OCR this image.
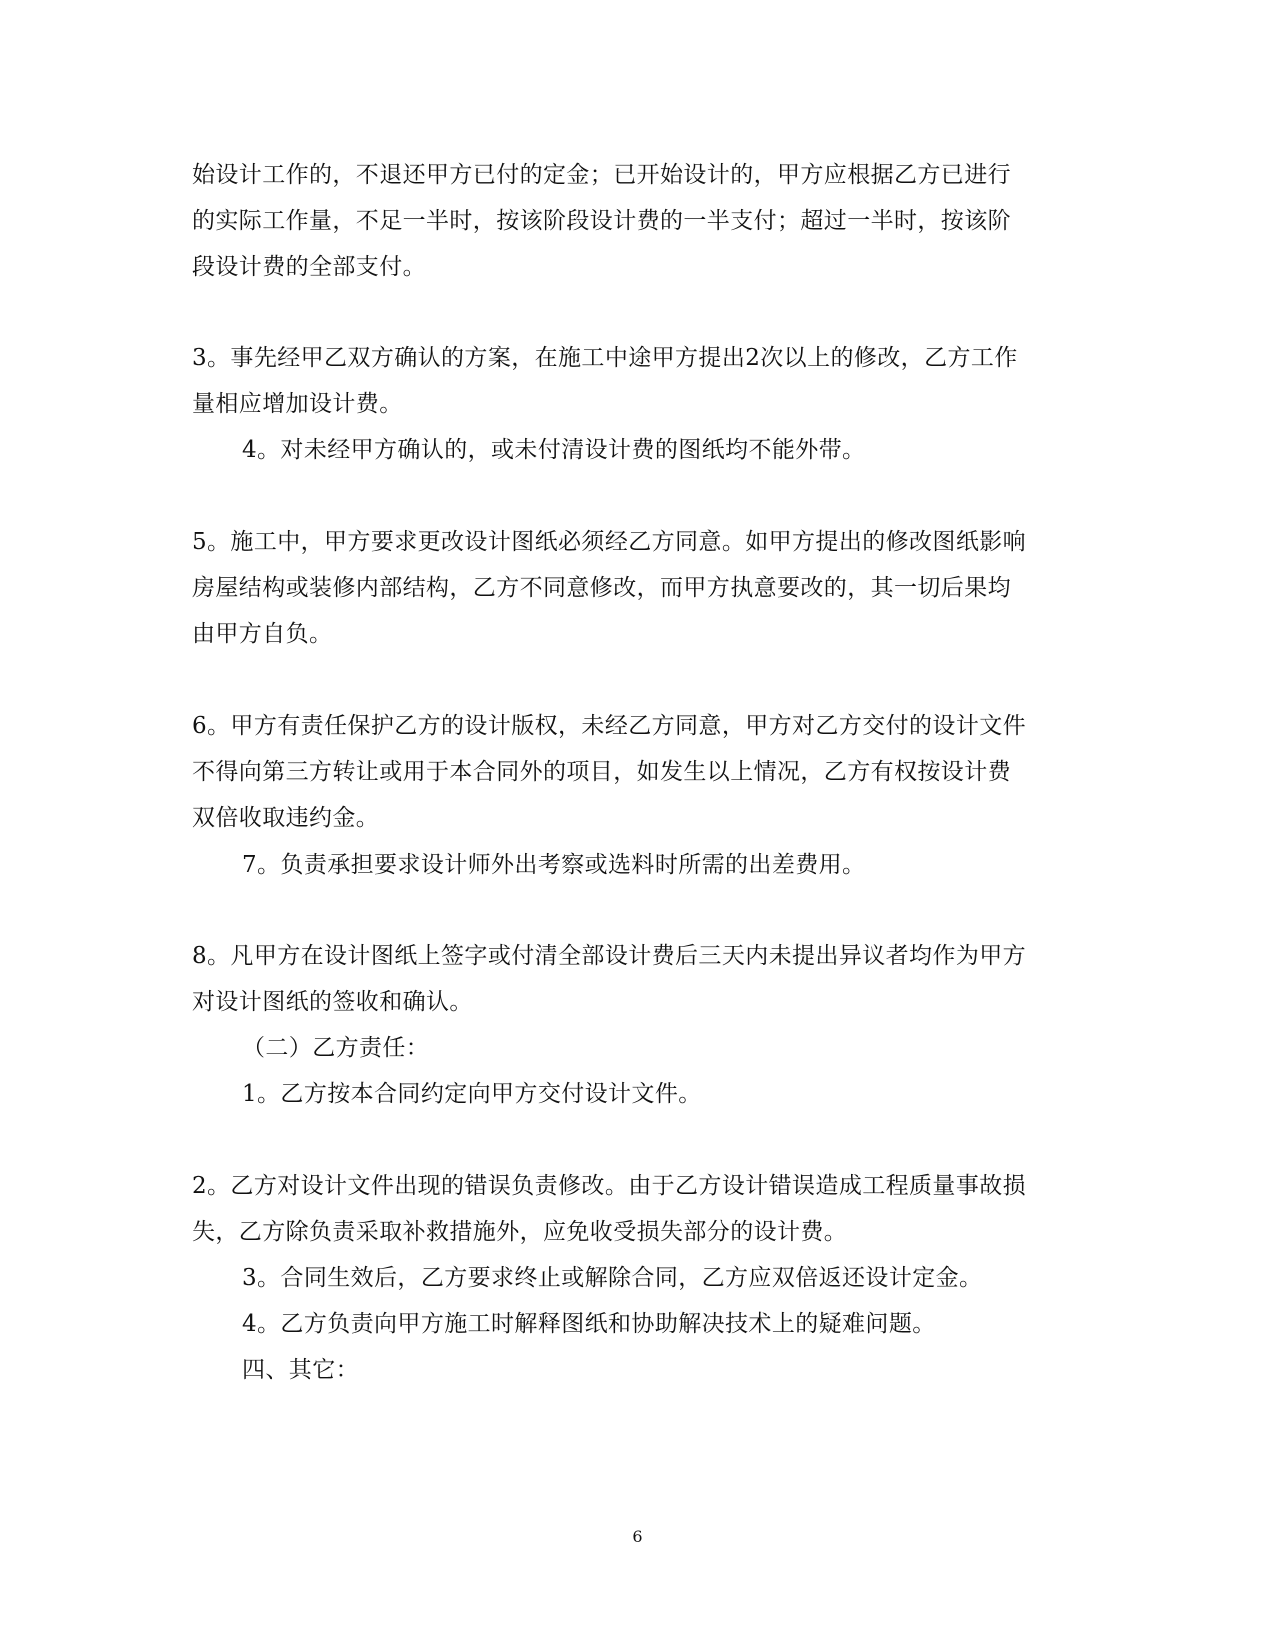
始设计工作的，不退还甲方已付的定金；已开始设计的，甲方应根据乙方已进行
的实际工作量，不足一半时，按该阶段设计费的一半支付；超过一半时，按该阶
段设计费的全部支付。
3。事先经甲乙双方确认的方案，在施工中途甲方提出2次以上的修改，乙方工作
量相应增加设计费。
4。对未经甲方确认的，或未付清设计费的图纸均不能外带。
5。施工中，甲方要求更改设计图纸必须经乙方同意。如甲方提出的修改图纸影响
房屋结构或装修内部结构，乙方不同意修改，而甲方执意要改的，其一切后果均
由甲方自负。
6。甲方有责任保护乙方的设计版权，未经乙方同意，甲方对乙方交付的设计文件
不得向第三方转让或用于本合同外的项目，如发生以上情况，乙方有权按设计费
双倍收取违约金。
7。负责承担要求设计师外出考察或选料时所需的出差费用。
8。凡甲方在设计图纸上签字或付清全部设计费后三天内未提出异议者均作为甲方
对设计图纸的签收和确认。
（二）乙方责任：
1。乙方按本合同约定向甲方交付设计文件。
2。乙方对设计文件出现的错误负责修改。由于乙方设计错误造成工程质量事故损
失，乙方除负责采取补救措施外，应免收受损失部分的设计费。
3。合同生效后，乙方要求终止或解除合同，乙方应双倍返还设计定金。
4。乙方负责向甲方施工时解释图纸和协助解决技术上的疑难问题。
四、其它：
6
